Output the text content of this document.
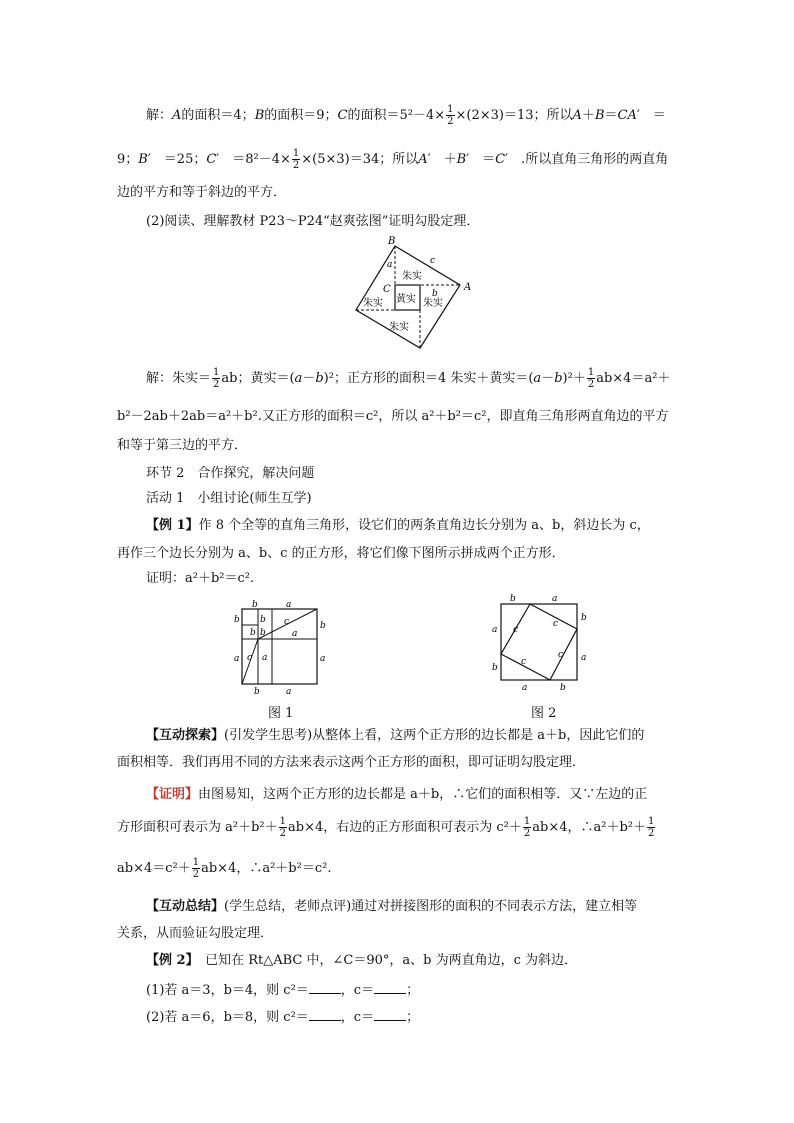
解：A的面积＝4；B的面积＝9；C的面积$=5^2-4\times \frac{1}{2} \times(2\times 3)=13$；所以A＋B＝CA′　＝
9；B′　＝25；C′　$=8^2-4\times \frac{1}{2} \times(5\times 3)=34$；所以A′　＋B′　＝C′　.所以直角三角形的两直角
边的平方和等于斜边的平方．
(2)阅读、理解教材 P23～P24“赵爽弦图”证明勾股定理．
B
A
C
a	c
b
朱实
朱实	朱实
朱实
黄实
解：朱实＝ $\frac{1}{2}$ ab；黄实＝(a－b)²；正方形的面积＝4 朱实＋黄实$=(a-b)^2+ \frac{1}{2} ab\times 4=a^2+$
b²－2ab＋2ab＝a²＋b².又正方形的面积＝c²，所以 a²＋b²＝c²，即直角三角形两直角边的平方
和等于第三边的平方．
环节 2　合作探究，解决问题
活动 1　小组讨论(师生互学)
【例 1】作 8 个全等的直角三角形，设它们的两条直角边长分别为 a、b，斜边长为 c，
再作三个边长分别为 a、b、c 的正方形，将它们像下图所示拼成两个正方形．
证明：a²＋b²＝c².
b	a
b b
b b
c
a
b
a c a	a
b	a
图 1
b	a
b
a
a
b
a	b
c
c
c
c
图 2
【互动探索】(引发学生思考)从整体上看，这两个正方形的边长都是 a＋b，因此它们的
面积相等．我们再用不同的方法来表示这两个正方形的面积，即可证明勾股定理．
【证明】由图易知，这两个正方形的边长都是 a＋b，∴它们的面积相等．又∵左边的正
方形面积可表示为 $a^2+b^2+ \frac{1}{2} ab\times 4$，右边的正方形面积可表示为 $c^2+ \frac{1}{2} ab\times 4$，∴a²＋b²＋ $\frac{1}{2}$
$ab\times 4=c^2+ \frac{1}{2} ab\times 4$，∴a²＋b²＝c².
【互动总结】(学生总结，老师点评)通过对拼接图形的面积的不同表示方法，建立相等
关系，从而验证勾股定理．
【例 2】　已知在 Rt△ABC 中，∠C＝90°，a、b 为两直角边，c 为斜边．
(1)若 a＝3，b＝4，则 c²＝ ，c＝ ；
(2)若 a＝6，b＝8，则 c²＝ ，c＝ ；
